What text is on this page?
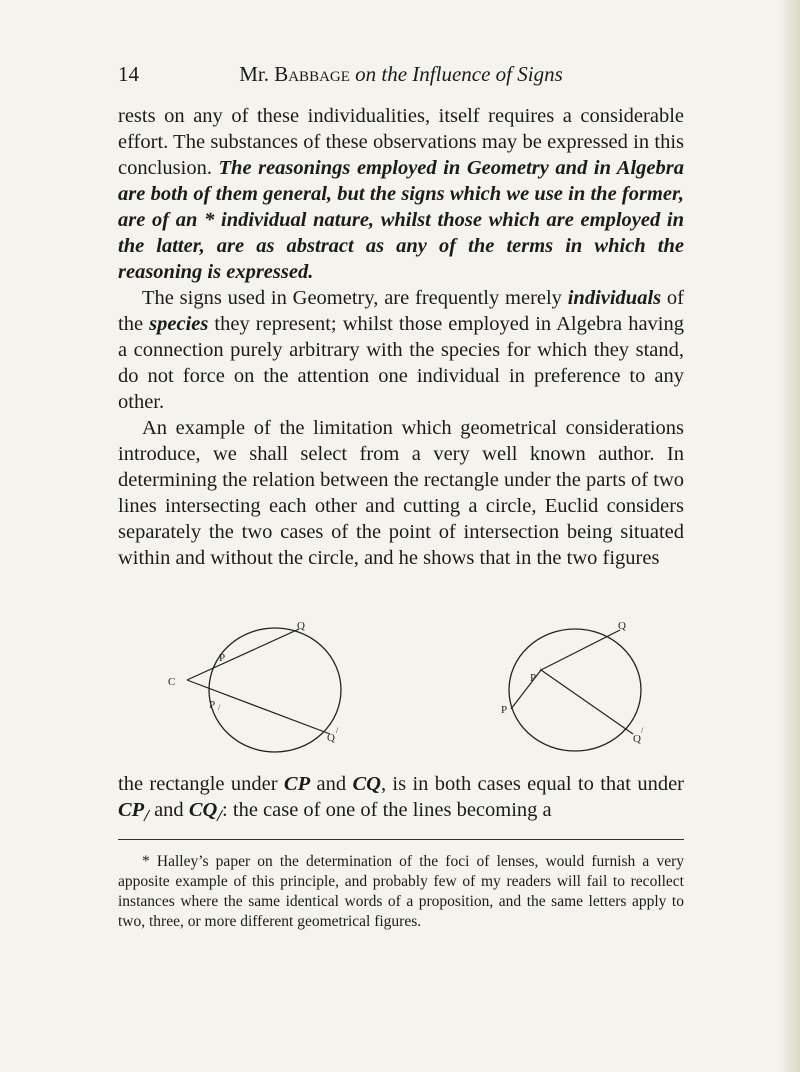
14	Mr. Babbage on the Influence of Signs

rests on any of these individualities, itself requires a considerable effort. The substances of these observations may be expressed in this conclusion. The reasonings employed in Geometry and in Algebra are both of them general, but the signs which we use in the former, are of an * individual nature, whilst those which are employed in the latter, are as abstract as any of the terms in which the reasoning is expressed.

The signs used in Geometry, are frequently merely individuals of the species they represent; whilst those employed in Algebra having a connection purely arbitrary with the species for which they stand, do not force on the attention one individual in preference to any other.

An example of the limitation which geometrical considerations introduce, we shall select from a very well known author. In determining the relation between the rectangle under the parts of two lines intersecting each other and cutting a circle, Euclid considers separately the two cases of the point of intersection being situated within and without the circle, and he shows that in the two figures

C
Q
P
P /
Q
/
Q
P
/
P
Q
/

the rectangle under CP and CQ, is in both cases equal to that under $CP_/$ and $CQ_/$: the case of one of the lines becoming a

* Halley’s paper on the determination of the foci of lenses, would furnish a very apposite example of this principle, and probably few of my readers will fail to recollect instances where the same identical words of a proposition, and the same letters apply to two, three, or more different geometrical figures.
